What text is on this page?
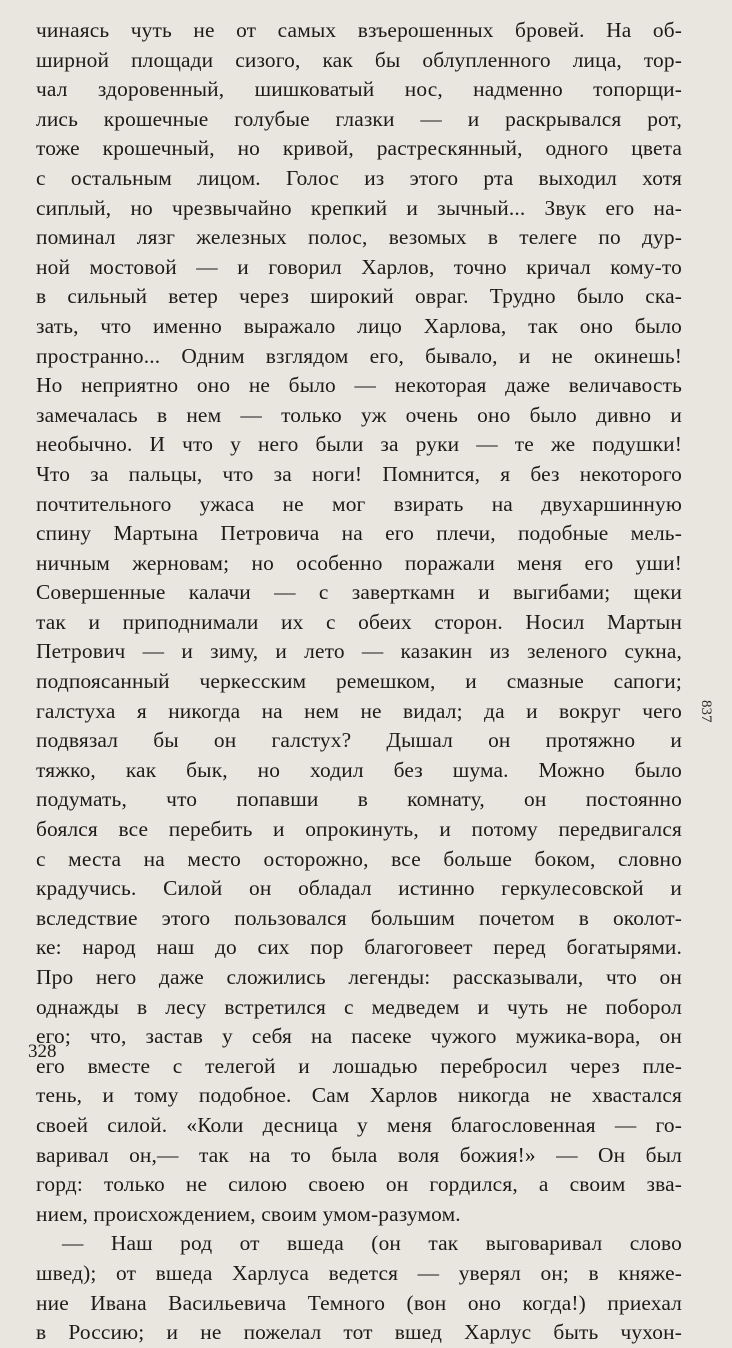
чинаясь чуть не от самых взъерошенных бровей. На об-
ширной площади сизого, как бы облупленного лица, тор-
чал здоровенный, шишковатый нос, надменно топорщи-
лись крошечные голубые глазки — и раскрывался рот,
тоже крошечный, но кривой, растрескянный, одного цвета
с остальным лицом. Голос из этого рта выходил хотя
сиплый, но чрезвычайно крепкий и зычный... Звук его на-
поминал лязг железных полос, везомых в телеге по дур-
ной мостовой — и говорил Харлов, точно кричал кому-то
в сильный ветер через широкий овраг. Трудно было ска-
зать, что именно выражало лицо Харлова, так оно было
пространно... Одним взглядом его, бывало, и не окинешь!
Но неприятно оно не было — некоторая даже величавость
замечалась в нем — только уж очень оно было дивно и
необычно. И что у него были за руки — те же подушки!
Что за пальцы, что за ноги! Помнится, я без некоторого
почтительного ужаса не мог взирать на двухаршинную
спину Мартына Петровича на его плечи, подобные мель-
ничным жерновам; но особенно поражали меня его уши!
Совершенные калачи — с заверткамн и выгибами; щеки
так и приподнимали их с обеих сторон. Носил Мартын
Петрович — и зиму, и лето — казакин из зеленого сукна,
подпоясанный черкесским ремешком, и смазные сапоги;
галстуха я никогда на нем не видал; да и вокруг чего
подвязал бы он галстух? Дышал он протяжно и
тяжко, как бык, но ходил без шума. Можно было
подумать, что попавши в комнату, он постоянно
боялся все перебить и опрокинуть, и потому передвигался
с места на место осторожно, все больше боком, словно
крадучись. Силой он обладал истинно геркулесовской и
вследствие этого пользовался большим почетом в околот-
ке: народ наш до сих пор благоговеет перед богатырями.
Про него даже сложились легенды: рассказывали, что он
однажды в лесу встретился с медведем и чуть не поборол
его; что, застав у себя на пасеке чужого мужика-вора, он
его вместе с телегой и лошадью перебросил через пле-
тень, и тому подобное. Сам Харлов никогда не хвастался
своей силой. «Коли десница у меня благословенная — го-
варивал он,— так на то была воля божия!» — Он был
горд: только не силою своею он гордился, а своим зва-
нием, происхождением, своим умом-разумом.
— Наш род от вшеда (он так выговаривал слово
швед); от вшеда Харлуса ведется — уверял он; в княже-
ние Ивана Васильевича Темного (вон оно когда!) приехал
в Россию; и не пожелал тот вшед Харлус быть чухон-
328
837
